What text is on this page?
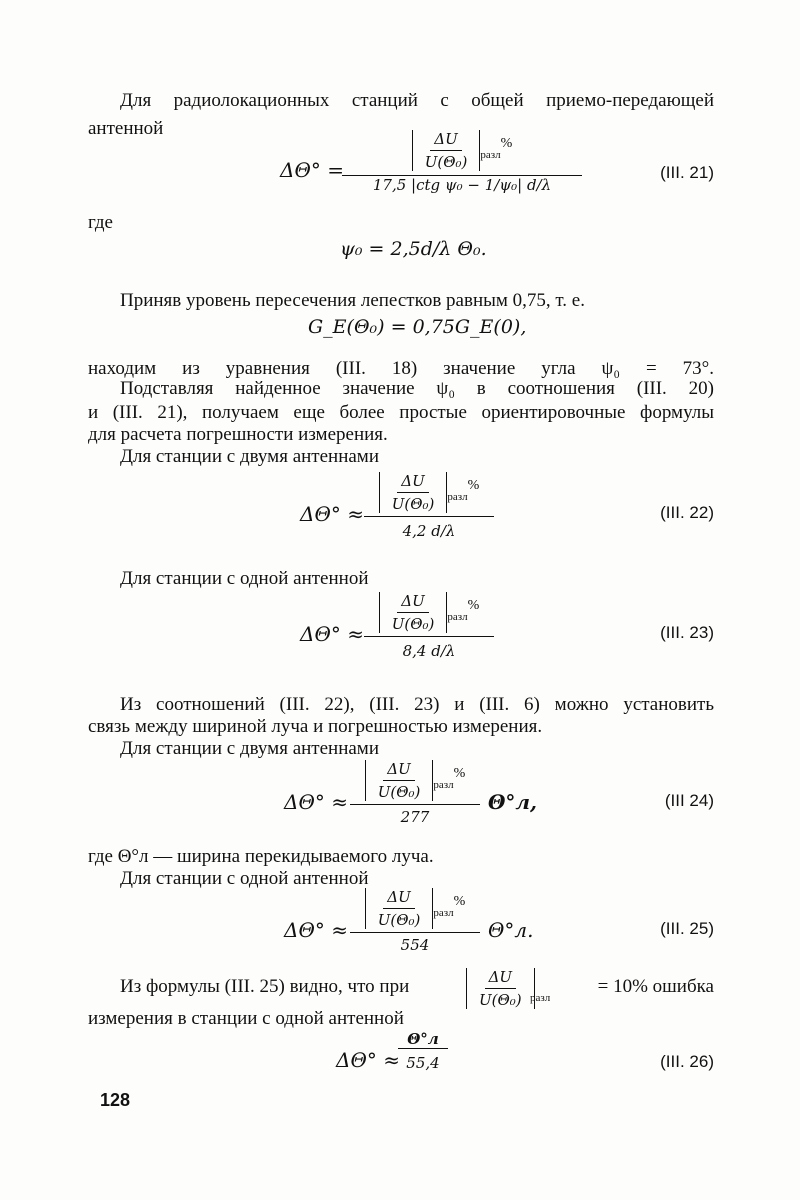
Для радиолокационных станций с общей приемо-передающей

антенной

ΔΘ° =	$\frac{\Delta U}{\text{U(Θ₀)}} _{разл}^{\%}$
17,5 |ctg ψ₀ − 1/ψ₀| d/λ
(III. 21)

где

ψ₀ = 2,5d/λ Θ₀.

Приняв уровень пересечения лепестков равным 0,75, т. е.

G_E(Θ₀) = 0,75G_E(0),

находим из уравнения (III. 18) значение угла ψ₀ = 73°.

Подставляя найденное значение ψ₀ в соотношения (III. 20)

и (III. 21), получаем еще более простые ориентировочные формулы

для расчета погрешности измерения.

Для станции с двумя антеннами

ΔΘ° ≈
$\frac{\Delta U}{\text{U(Θ₀)}} _{разл}^{\%}$
4,2 d/λ
(III. 22)

Для станции с одной антенной

ΔΘ° ≈
$\frac{\Delta U}{\text{U(Θ₀)}} _{разл}^{\%}$
8,4 d/λ
(III. 23)

Из соотношений (III. 22), (III. 23) и (III. 6) можно установить

связь между шириной луча и погрешностью измерения.

Для станции с двумя антеннами

ΔΘ° ≈
$\frac{\Delta U}{\text{U(Θ₀)}} _{разл}^{\%}$
277
Θ°л,	(III 24)

где Θ°л — ширина перекидываемого луча.

Для станции с одной антенной

ΔΘ° ≈
$\frac{\Delta U}{\text{U(Θ₀)}} _{разл}^{\%}$
554
Θ°л.	(III. 25)
Из формулы (III. 25) видно, что при	$\frac{\Delta U}{\text{U(Θ₀)}}$ разл
= 10% ошибка

измерения в станции с одной антенной

ΔΘ° ≈
Θ°л
55,4	(III. 26)
128
